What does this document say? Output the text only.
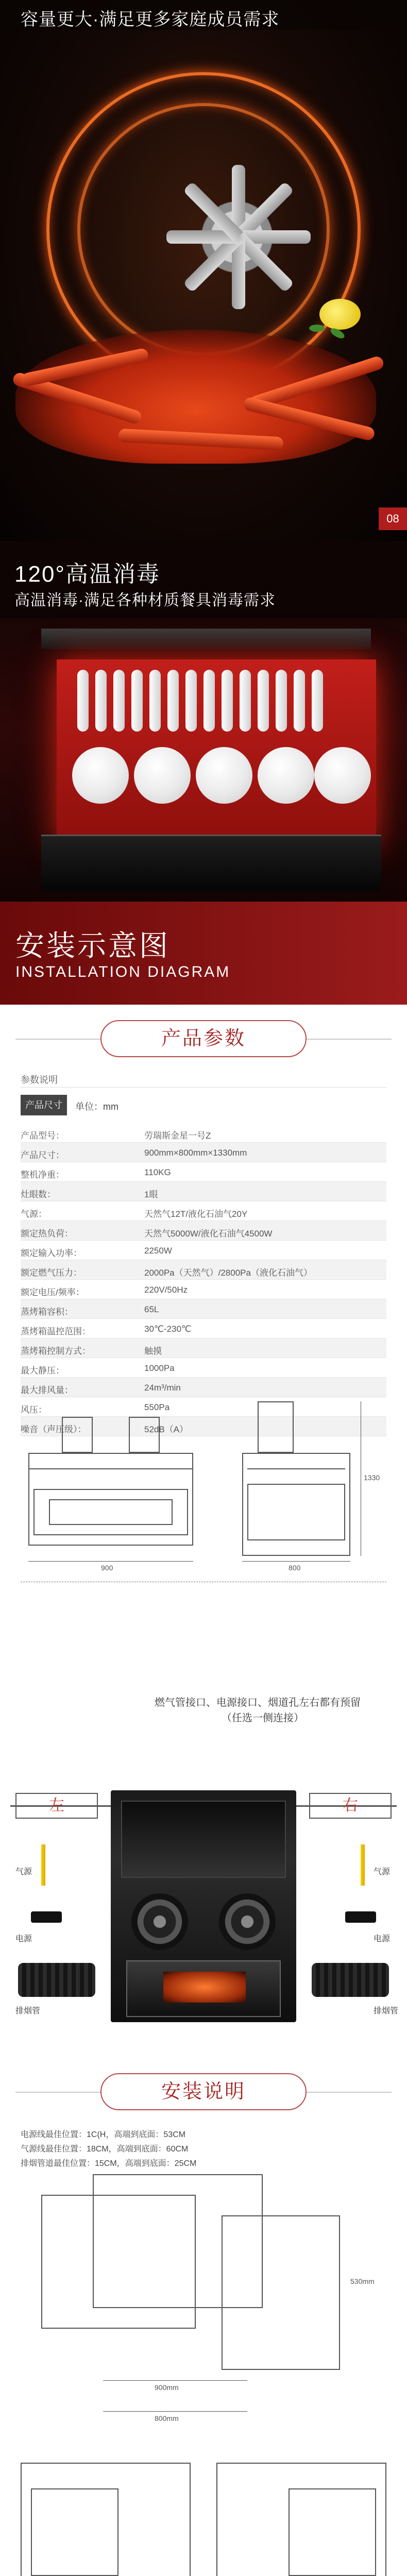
容量更大·满足更多家庭成员需求
08
120°高温消毒
高温消毒·满足各种材质餐具消毒需求
安装示意图
INSTALLATION DIAGRAM
产品参数
参数说明
产品尺寸	单位：mm
产品型号：	劳瑞斯金星一号Z
产品尺寸：	900mm×800mm×1330mm
整机净重：	110KG
灶眼数：	1眼
气源：	天然气12T/液化石油气20Y
额定热负荷：	天然气5000W/液化石油气4500W
额定输入功率：	2250W
额定燃气压力：	2000Pa（天然气）/2800Pa（液化石油气）
额定电压/频率：	220V/50Hz
蒸烤箱容积：	65L
蒸烤箱温控范围：	30℃-230℃
蒸烤箱控制方式：	触摸
最大静压：	1000Pa
最大排风量：	24m³/min
风压：	550Pa
噪音（声压级）：	52dB（A）
900
1330
800
燃气管接口、电源接口、烟道孔左右都有预留
（任选一侧连接）
左	右
气源
电源
排烟管
气源
电源
排烟管
安装说明
电源线最佳位置：1C(H，高端到底面：53CM
气源线最佳位置：18CM，高端到底面：60CM
排烟管道最佳位置：15CM，高端到底面：25CM
900mm
800mm
530mm
